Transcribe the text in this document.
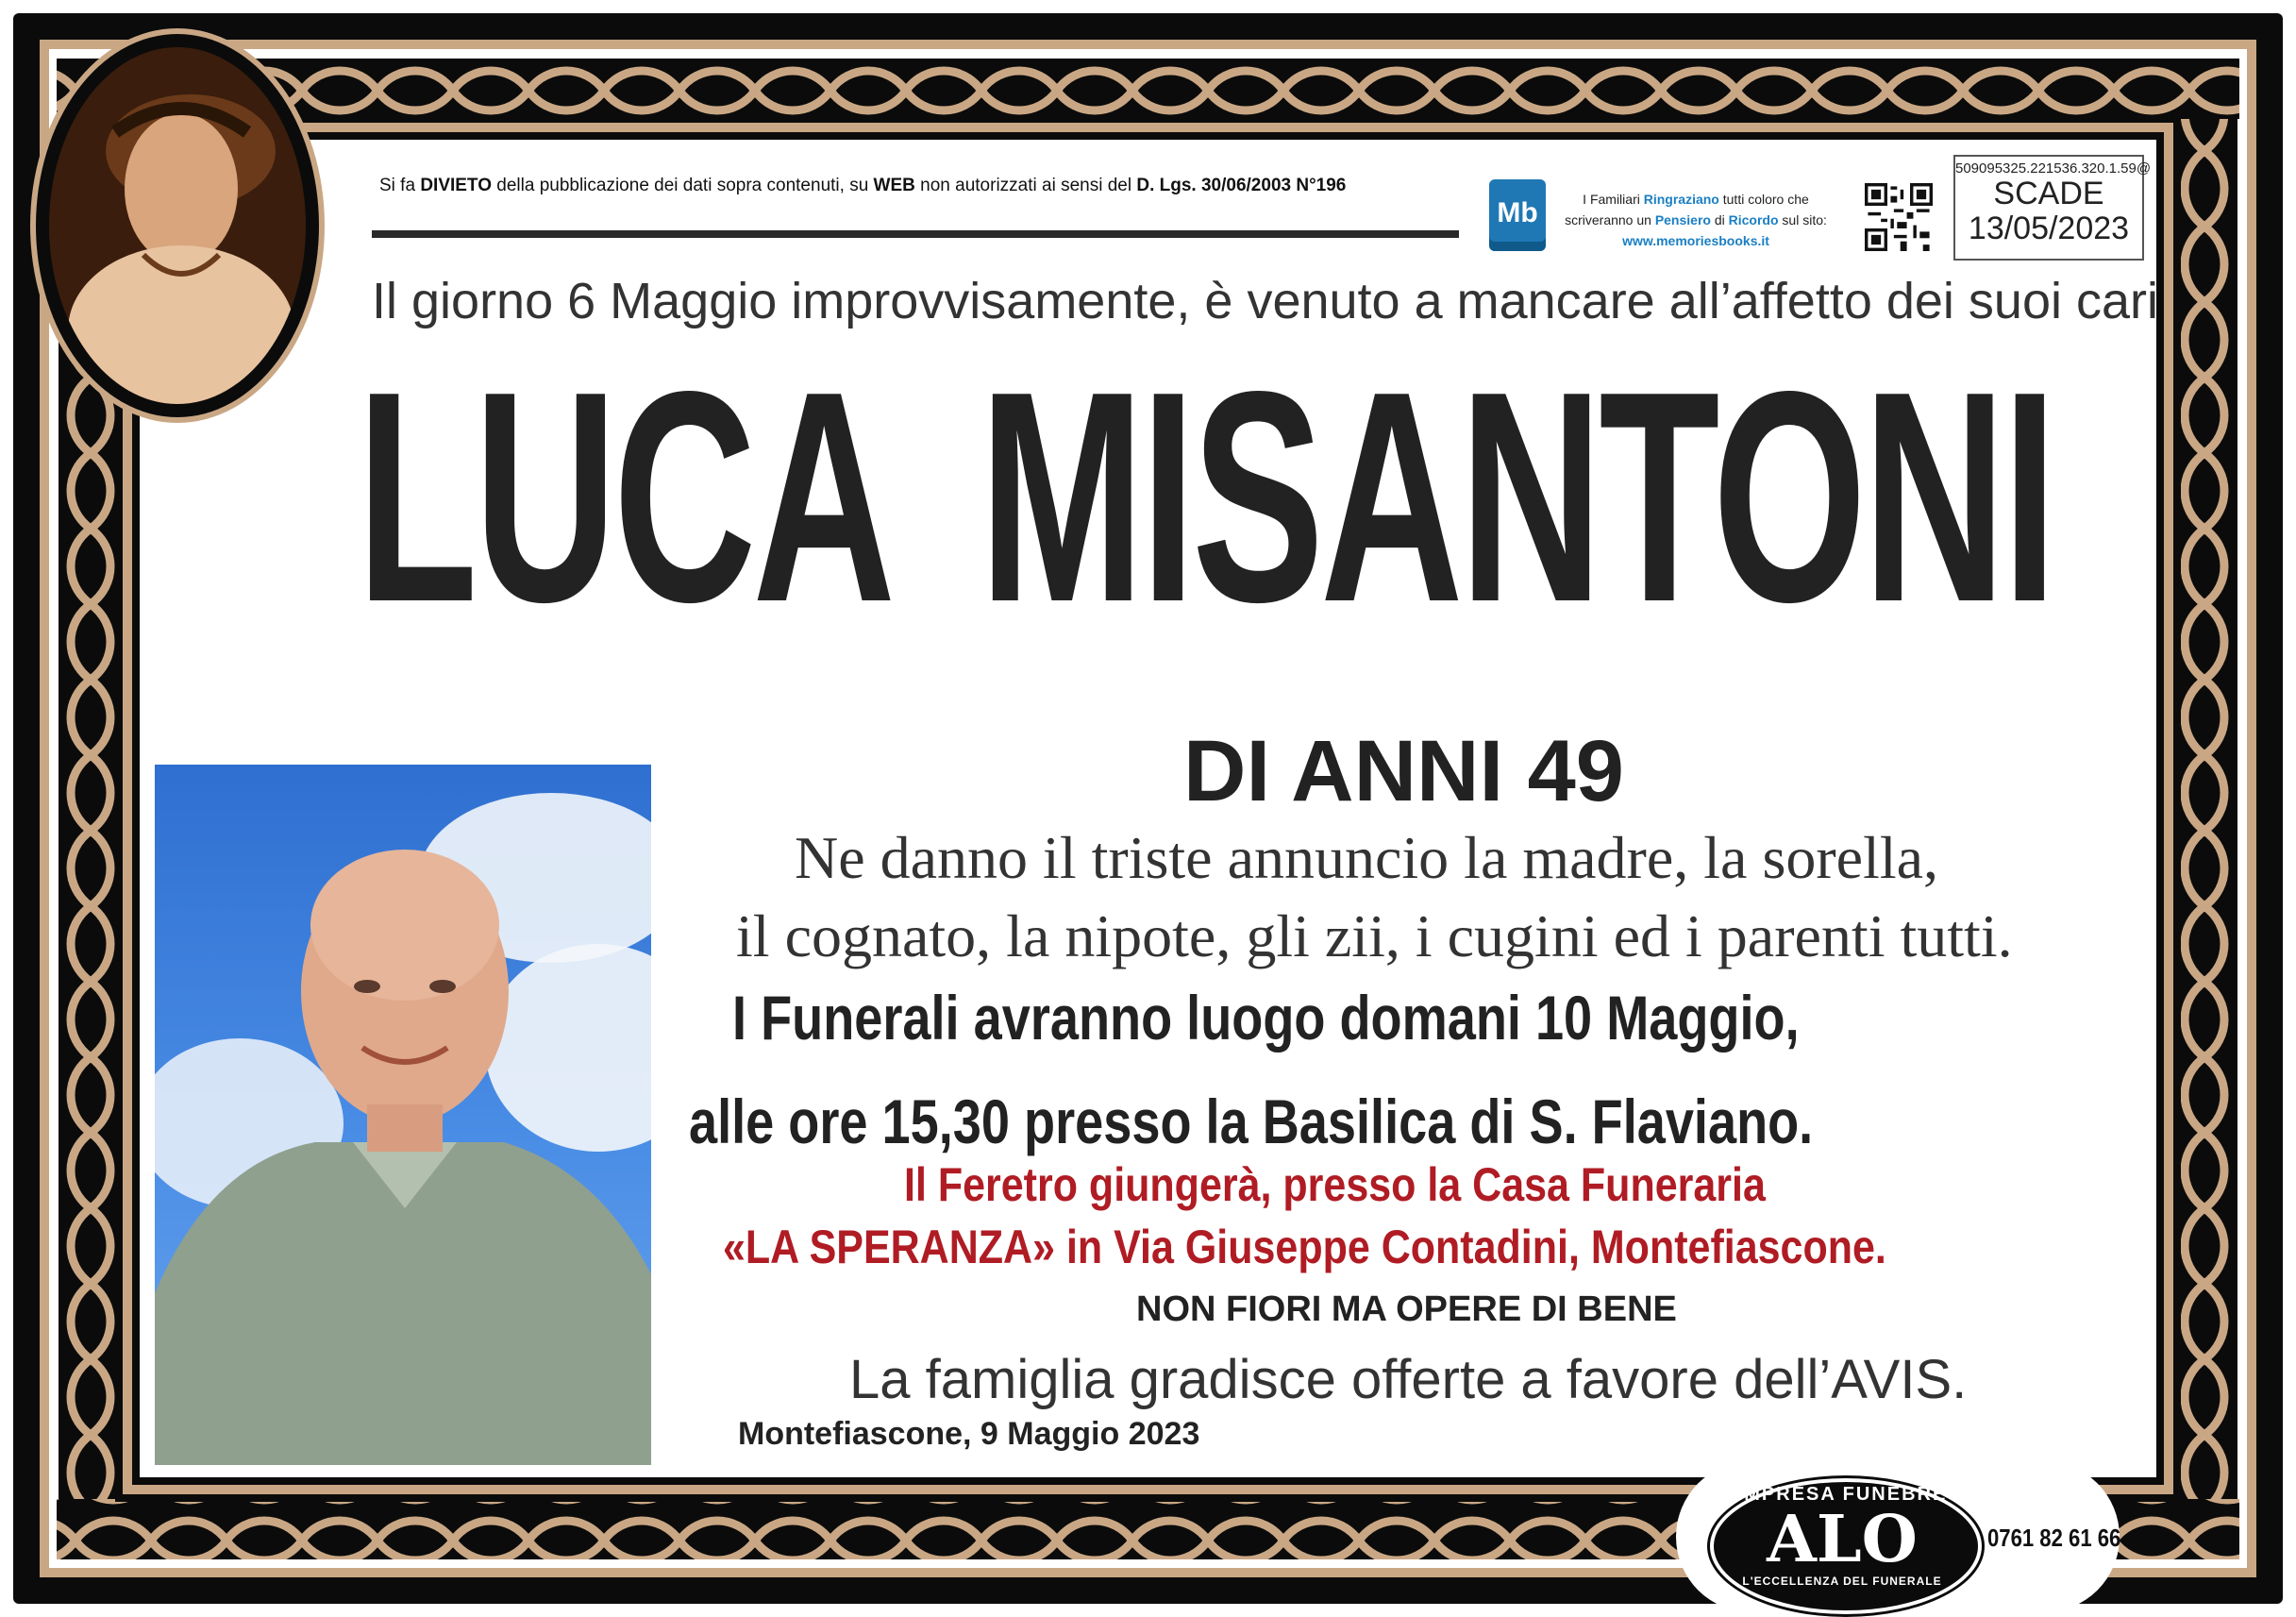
Si fa DIVIETO della pubblicazione dei dati sopra contenuti, su WEB non autorizzati ai sensi del D. Lgs. 30/06/2003 N°196
Mb	I Familiari Ringraziano tutti coloro che
scriveranno un Pensiero di Ricordo sul sito:
www.memoriesbooks.it
509095325.221536.320.1.59@
SCADE
13/05/2023
Il giorno 6 Maggio improvvisamente, è venuto a mancare all’affetto dei suoi cari
LUCA MISANTONI
DI ANNI 49
Ne danno il triste annuncio la madre, la sorella,
il cognato, la nipote, gli zii, i cugini ed i parenti tutti.
I Funerali avranno luogo domani 10 Maggio,
alle ore 15,30 presso la Basilica di S. Flaviano.
Il Feretro giungerà, presso la Casa Funeraria
«LA SPERANZA» in Via Giuseppe Contadini, Montefiascone.
NON FIORI MA OPERE DI BENE
La famiglia gradisce offerte a favore dell’AVIS.
Montefiascone, 9 Maggio 2023
IMPRESA FUNEBRE
ALO
L'ECCELLENZA DEL FUNERALE
0761 82 61 66
